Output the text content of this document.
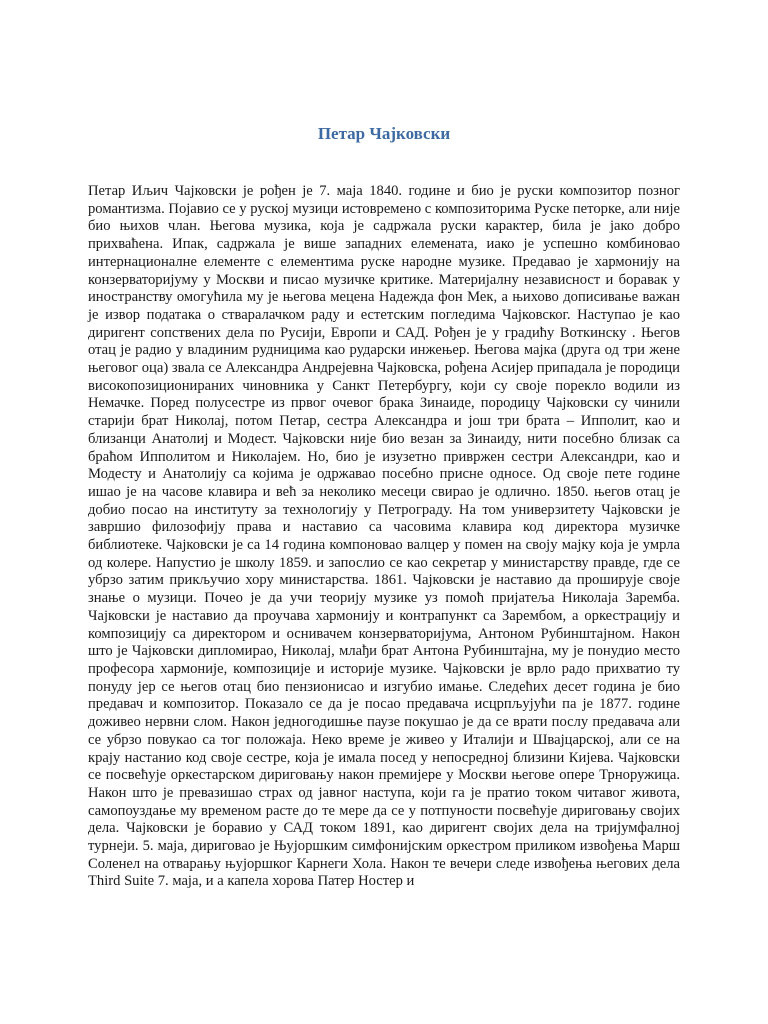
Петар Чајковски

Петар Иљич Чајковски је рођен је 7. маја 1840. године и био је руски композитор позног романтизма. Појавио се у руској музици истовремено с композиторима Руске петорке, али није био њихов члан. Његова музика, која је садржала руски карактер, била је јако добро прихваћена. Ипак, садржала је више западних елемената, иако је успешно комбиновао интернационалне елементе с елементима руске народне музике. Предавао је хармонију на конзерваторијуму у Москви и писао музичке критике. Материјалну независност и боравак у иностранству омогућила му је његова мецена Надежда фон Мек, а њихово дописивање важан је извор података о стваралачком раду и естетским погледима Чајковског. Наступао је као диригент сопствених дела по Русији, Европи и САД. Рођен је у градићу Воткинску . Његов отац је радио у владиним рудницима као рударски инжењер. Његова мајка (друга од три жене његовог оца) звала се Александра Андрејевна Чајковска, рођена Асијер припадала је породици високопозиционираних чиновника у Санкт Петербургу, који су своје порекло водили из Немачке. Поред полусестре из првог очевог брака Зинаиде, породицу Чајковски су чинили старији брат Николај, потом Петар, сестра Александра и још три брата – Ипполит, као и близанци Анатолиј и Модест. Чајковски није био везан за Зинаиду, нити посебно близак са браћом Ипполитом и Николајем. Но, био је изузетно привржен сестри Александри, као и Модесту и Анатолију са којима је одржавао посебно присне односе. Од своје пете године ишао је на часове клавира и већ за неколико месеци свирао је одлично. 1850. његов отац је добио посао на институту за технологију у Петрограду. На том универзитету Чајковски је завршио филозофију права и наставио са часовима клавира код директора музичке библиотеке. Чајковски је са 14 година компоновао валцер у помен на своју мајку која је умрла од колере. Напустио је школу 1859. и запослио се као секретар у министарству правде, где се убрзо затим прикључио хору министарства. 1861. Чајковски је наставио да проширује своје знање о музици. Почео је да учи теорију музике уз помоћ пријатеља Николаја Заремба. Чајковски је наставио да проучава хармонију и контрапункт са Зарембом, а оркестрацију и композицију са директором и оснивачем конзерваторијума, Антоном Рубинштајном. Након што је Чајковски дипломирао, Николај, млађи брат Антона Рубинштајна, му је понудио место професора хармоније, композиције и историје музике. Чајковски је врло радо прихватио ту понуду јер се његов отац био пензионисао и изгубио имање. Следећих десет година је био предавач и композитор. Показало се да је посао предавача исцрпљујући па је 1877. године доживео нервни слом. Након једногодишње паузе покушао је да се врати послу предавача али се убрзо повукао са тог положаја. Неко време је живео у Италији и Швајцарској, али се на крају настанио код своје сестре, која је имала посед у непосредној близини Кијева. Чајковски се посвећује оркестарском дириговању након премијере у Москви његове опере Трноружица. Након што је превазишао страх од јавног наступа, који га је пратио током читавог живота, самопоуздање му временом расте до те мере да се у потпуности посвећује дириговању својих дела. Чајковски је боравио у САД током 1891, као диригент својих дела на тријумфалној турнеји. 5. маја, дириговао је Њујоршким симфонијским оркестром приликом извођења Марш Соленел на отварању њујоршког Карнеги Хола. Након те вечери следе извођења његових дела Third Suite 7. маја, и а капела хорова Патер Ностер и
